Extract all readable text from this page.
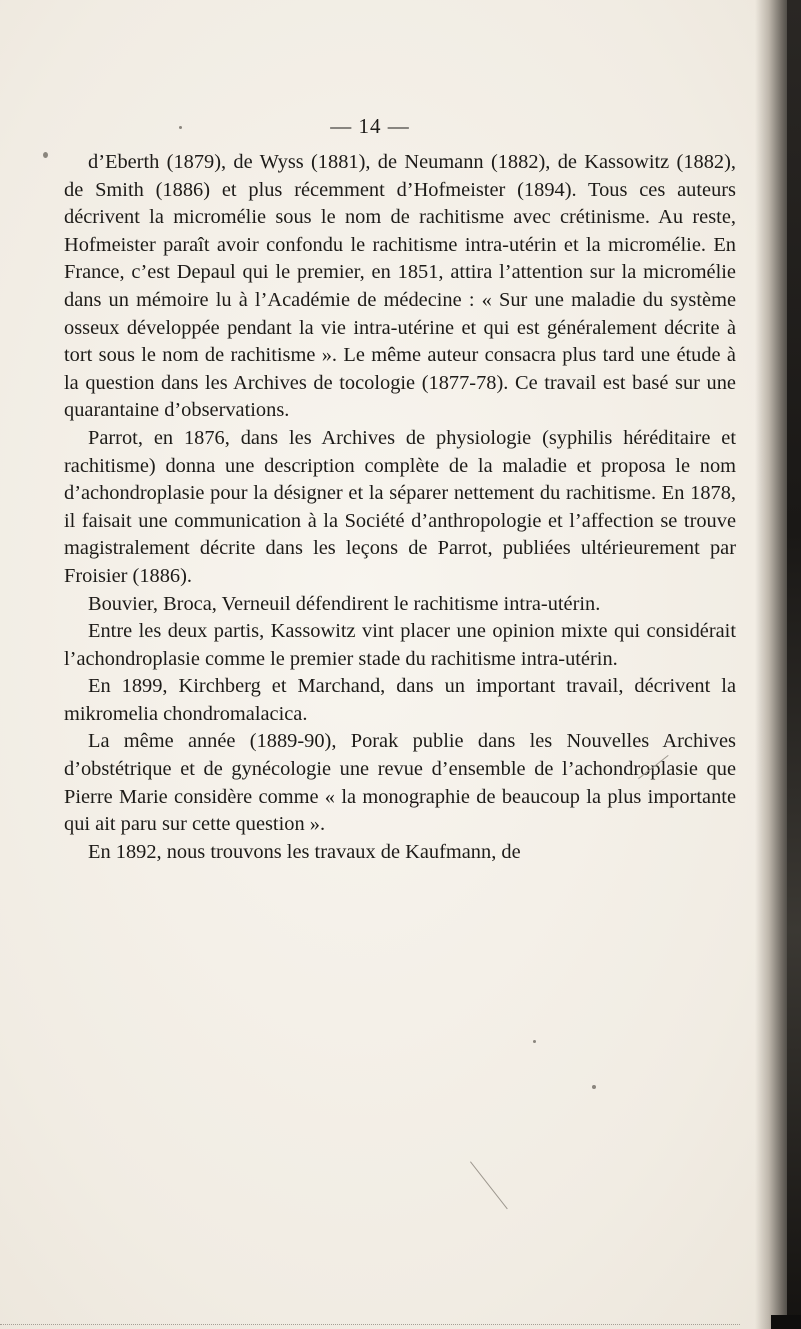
— 14 —

d’Eberth (1879), de Wyss (1881), de Neumann (1882), de Kassowitz (1882), de Smith (1886) et plus récemment d’Hofmeister (1894). Tous ces auteurs décrivent la micromélie sous le nom de rachitisme avec crétinisme. Au reste, Hofmeister paraît avoir confondu le rachitisme intra-utérin et la micromélie. En France, c’est Depaul qui le premier, en 1851, attira l’attention sur la micromélie dans un mémoire lu à l’Académie de médecine : « Sur une maladie du système osseux développée pendant la vie intra-utérine et qui est généralement décrite à tort sous le nom de rachitisme ». Le même auteur consacra plus tard une étude à la question dans les Archives de tocologie (1877-78). Ce travail est basé sur une quarantaine d’observations.

Parrot, en 1876, dans les Archives de physiologie (syphilis héréditaire et rachitisme) donna une description complète de la maladie et proposa le nom d’achondroplasie pour la désigner et la séparer nettement du rachitisme. En 1878, il faisait une communication à la Société d’anthropologie et l’affection se trouve magistralement décrite dans les leçons de Parrot, publiées ultérieurement par Froisier (1886).

Bouvier, Broca, Verneuil défendirent le rachitisme intra-utérin.

Entre les deux partis, Kassowitz vint placer une opinion mixte qui considérait l’achondroplasie comme le premier stade du rachitisme intra-utérin.

En 1899, Kirchberg et Marchand, dans un important travail, décrivent la mikromelia chondromalacica.

La même année (1889-90), Porak publie dans les Nouvelles Archives d’obstétrique et de gynécologie une revue d’ensemble de l’achondroplasie que Pierre Marie considère comme « la monographie de beaucoup la plus importante qui ait paru sur cette question ».

En 1892, nous trouvons les travaux de Kaufmann, de
